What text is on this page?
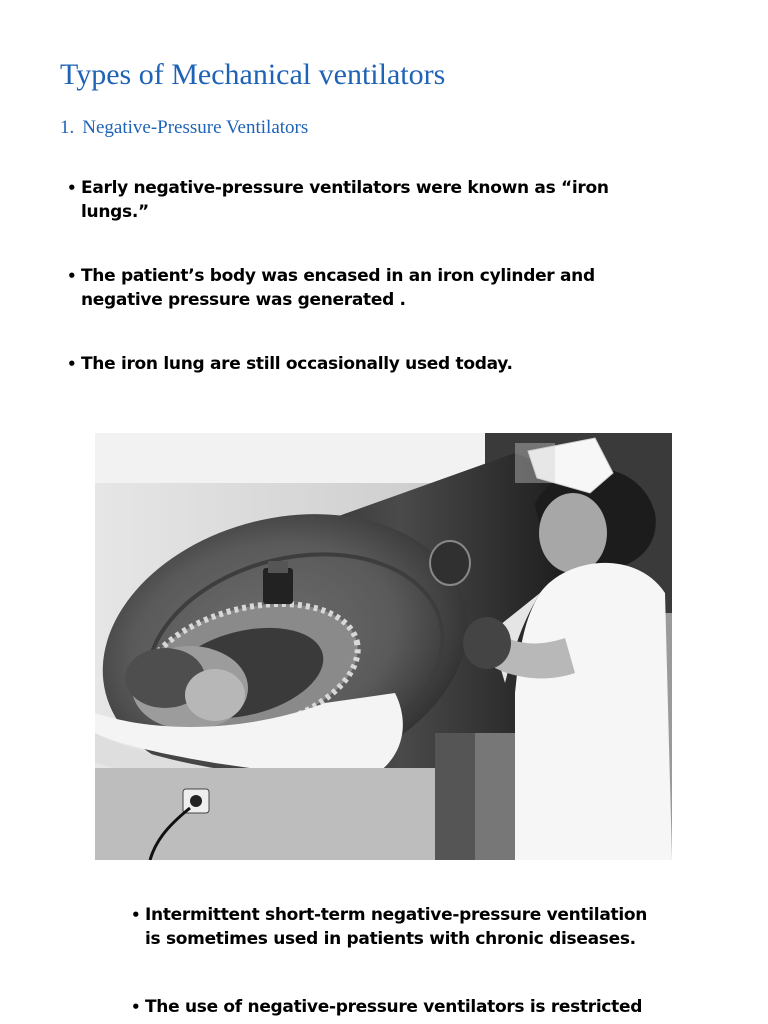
Types of Mechanical ventilators
1. Negative-Pressure Ventilators
• Early negative-pressure ventilators were known as “iron lungs.”
• The patient’s body was encased in an iron cylinder and negative pressure was generated .
• The iron lung are still occasionally used today.
• Intermittent short-term negative-pressure ventilation is sometimes used in patients with chronic diseases.
• The use of negative-pressure ventilators is restricted
